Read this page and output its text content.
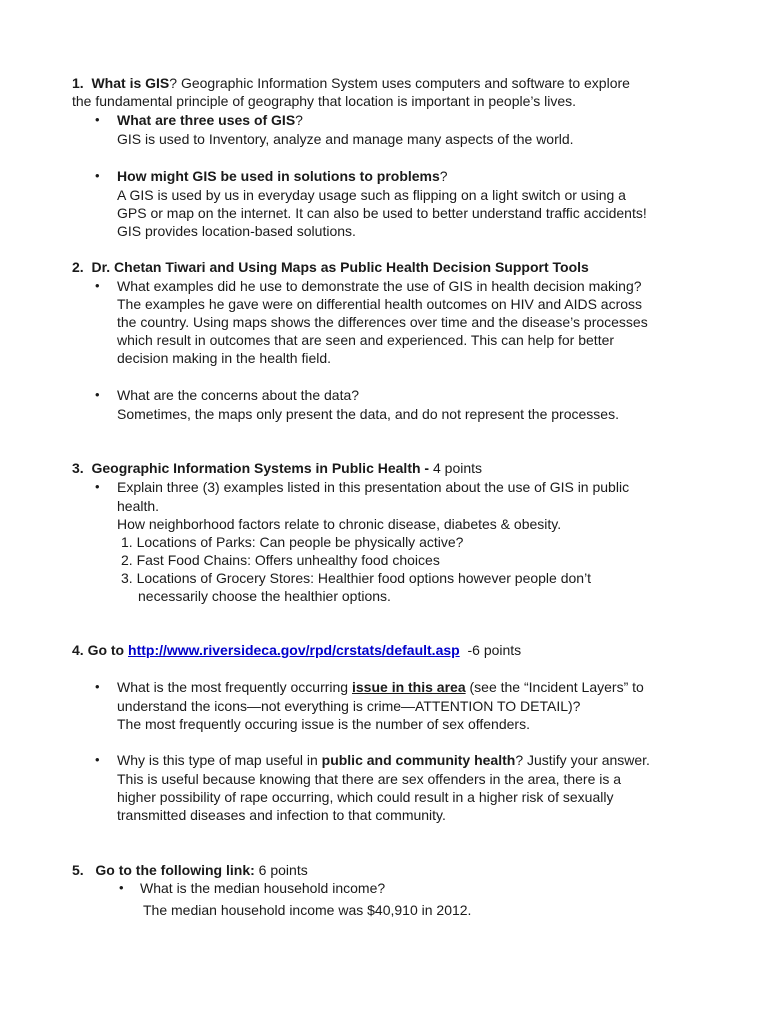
1. What is GIS? Geographic Information System uses computers and software to explore
the fundamental principle of geography that location is important in people’s lives.
• What are three uses of GIS?
GIS is used to Inventory, analyze and manage many aspects of the world.
• How might GIS be used in solutions to problems?
A GIS is used by us in everyday usage such as flipping on a light switch or using a
GPS or map on the internet. It can also be used to better understand traffic accidents!
GIS provides location-based solutions.
2. Dr. Chetan Tiwari and Using Maps as Public Health Decision Support Tools
• What examples did he use to demonstrate the use of GIS in health decision making?
The examples he gave were on differential health outcomes on HIV and AIDS across
the country. Using maps shows the differences over time and the disease’s processes
which result in outcomes that are seen and experienced. This can help for better
decision making in the health field.
• What are the concerns about the data?
Sometimes, the maps only present the data, and do not represent the processes.
3. Geographic Information Systems in Public Health - 4 points
• Explain three (3) examples listed in this presentation about the use of GIS in public
health.
How neighborhood factors relate to chronic disease, diabetes & obesity.
1. Locations of Parks: Can people be physically active?
2. Fast Food Chains: Offers unhealthy food choices
3. Locations of Grocery Stores: Healthier food options however people don’t
necessarily choose the healthier options.
4. Go to http://www.riversideca.gov/rpd/crstats/default.asp -6 points
• What is the most frequently occurring issue in this area (see the “Incident Layers” to
understand the icons—not everything is crime—ATTENTION TO DETAIL)?
The most frequently occuring issue is the number of sex offenders.
• Why is this type of map useful in public and community health? Justify your answer.
This is useful because knowing that there are sex offenders in the area, there is a
higher possibility of rape occurring, which could result in a higher risk of sexually
transmitted diseases and infection to that community.
5. Go to the following link: 6 points
• What is the median household income?
The median household income was $40,910 in 2012.
